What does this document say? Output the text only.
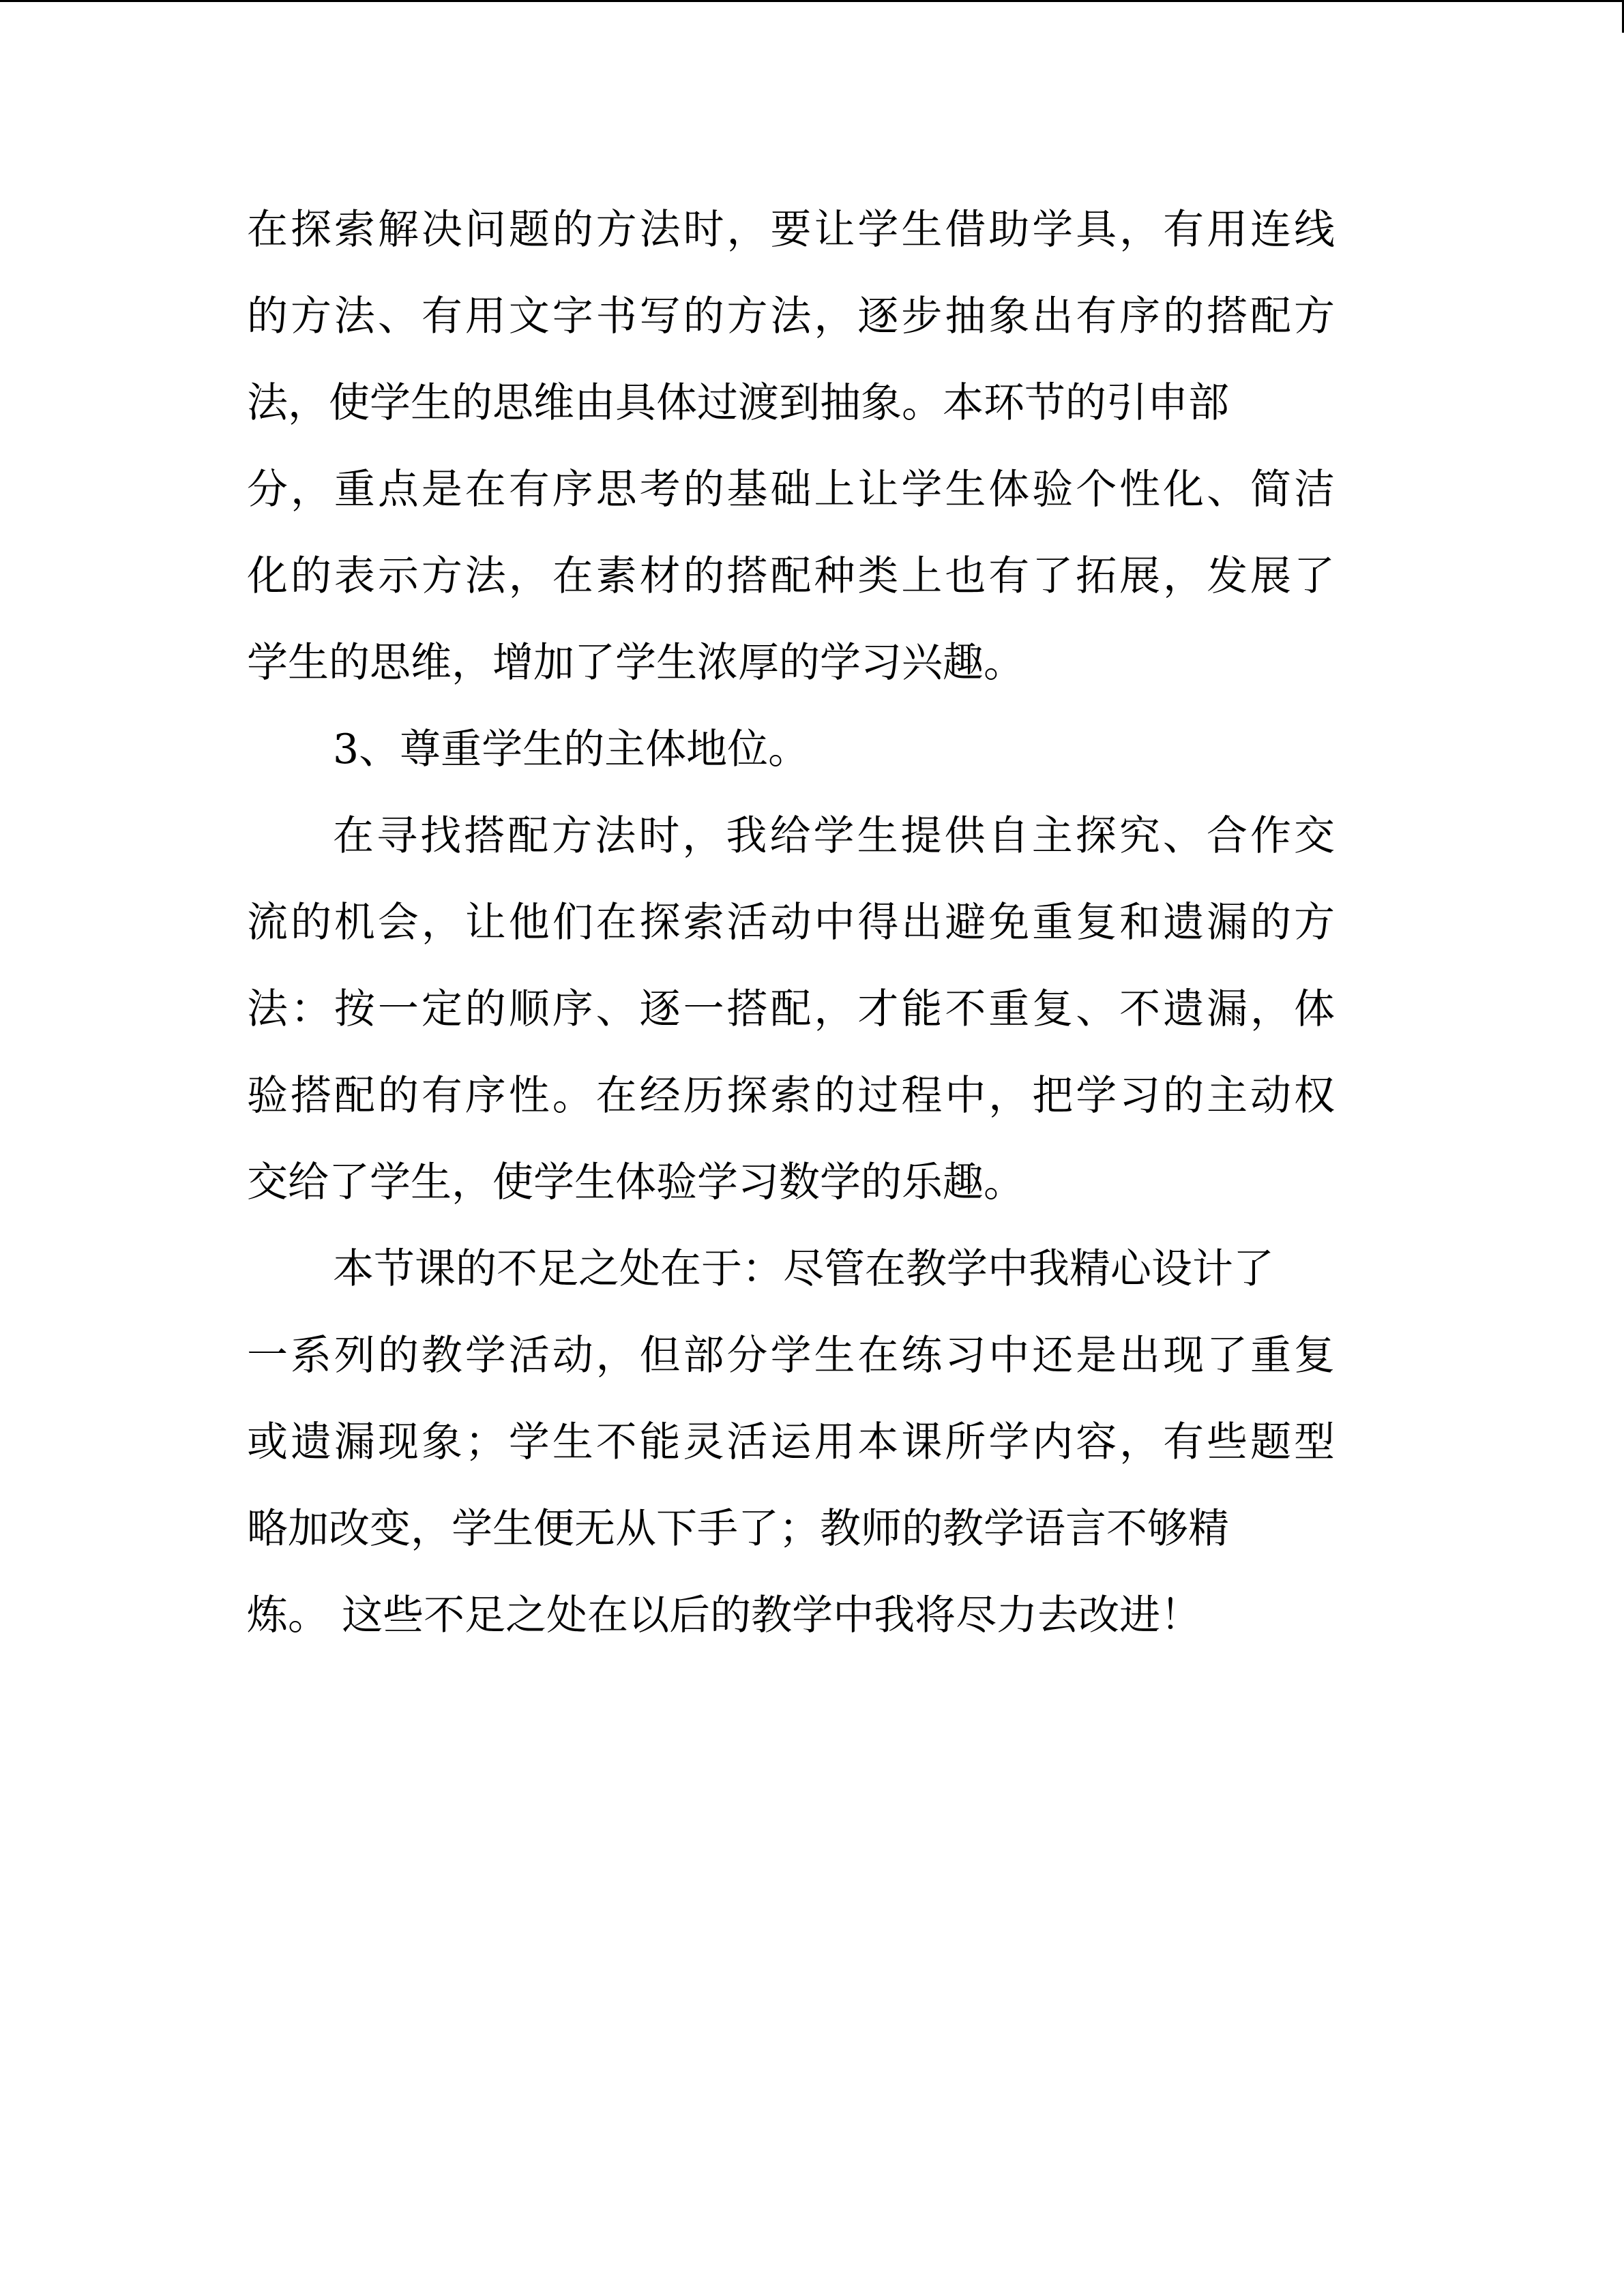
在探索解决问题的方法时，要让学生借助学具，有用连线
的方法、有用文字书写的方法，逐步抽象出有序的搭配方
法，使学生的思维由具体过渡到抽象。本环节的引申部
分，重点是在有序思考的基础上让学生体验个性化、简洁
化的表示方法，在素材的搭配种类上也有了拓展，发展了
学生的思维，增加了学生浓厚的学习兴趣。
3、尊重学生的主体地位。
在寻找搭配方法时，我给学生提供自主探究、合作交
流的机会，让他们在探索活动中得出避免重复和遗漏的方
法：按一定的顺序、逐一搭配，才能不重复、不遗漏，体
验搭配的有序性。在经历探索的过程中，把学习的主动权
交给了学生，使学生体验学习数学的乐趣。
本节课的不足之处在于：尽管在教学中我精心设计了
一系列的教学活动，但部分学生在练习中还是出现了重复
或遗漏现象；学生不能灵活运用本课所学内容，有些题型
略加改变，学生便无从下手了；教师的教学语言不够精
炼。 这些不足之处在以后的教学中我将尽力去改进！
